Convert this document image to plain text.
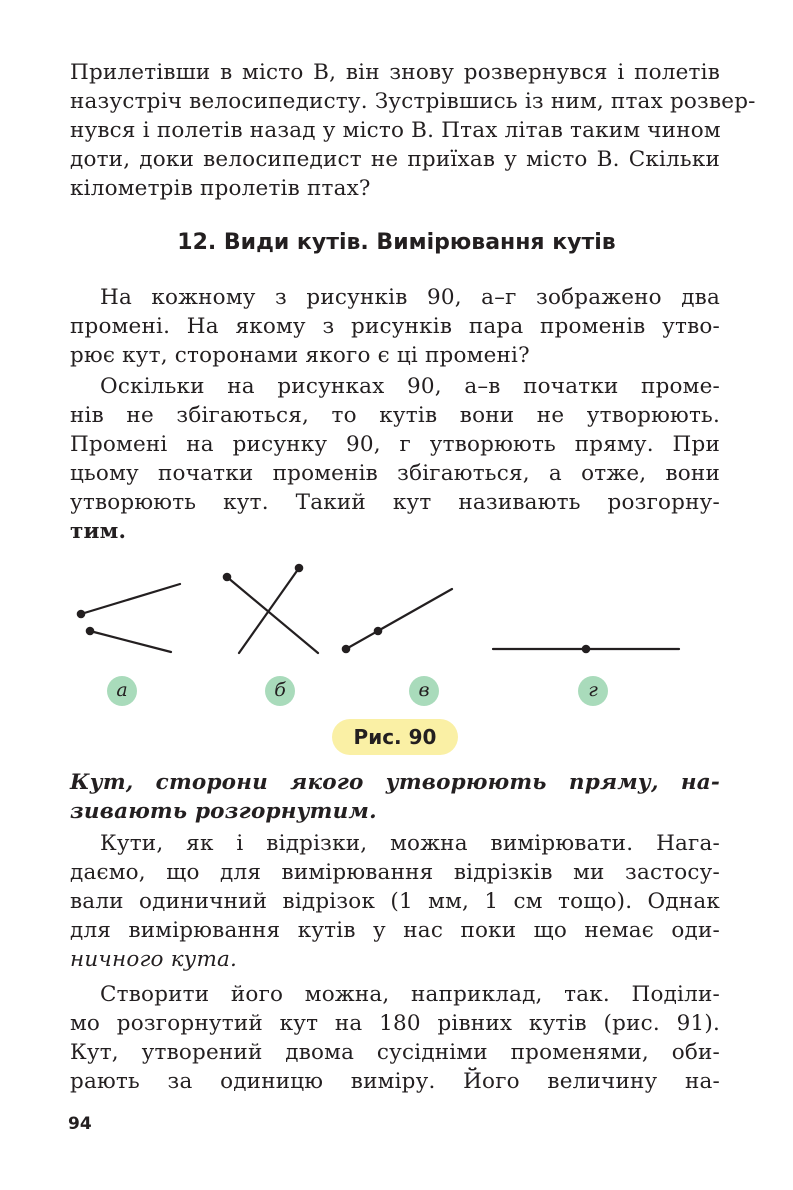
Прилетівши в місто В, він знову розвернувся і полетів
назустріч велосипедисту. Зустрівшись із ним, птах розвер-
нувся і полетів назад у місто В. Птах літав таким чином
доти, доки велосипедист не приїхав у місто В. Скільки
кілометрів пролетів птах?
12. Види кутів. Вимірювання кутів
На кожному з рисунків 90, а–г зображено два
промені. На якому з рисунків пара променів утво-
рює кут, сторонами якого є ці промені?
Оскільки на рисунках 90, а–в початки проме-
нів не збігаються, то кутів вони не утворюють.
Промені на рисунку 90, г утворюють пряму. При
цьому початки променів збігаються, а отже, вони
утворюють кут. Такий кут називають розгорну-
тим.
а	б	в	г
Рис. 90
Кут, сторони якого утворюють пряму, на-
зивають розгорнутим.
Кути, як і відрізки, можна вимірювати. Нага-
даємо, що для вимірювання відрізків ми застосу-
вали одиничний відрізок (1 мм, 1 см тощо). Однак
для вимірювання кутів у нас поки що немає оди-
ничного кута.
Створити його можна, наприклад, так. Поділи-
мо розгорнутий кут на 180 рівних кутів (рис. 91).
Кут, утворений двома сусідніми променями, оби-
рають за одиницю виміру. Його величину на-
94
